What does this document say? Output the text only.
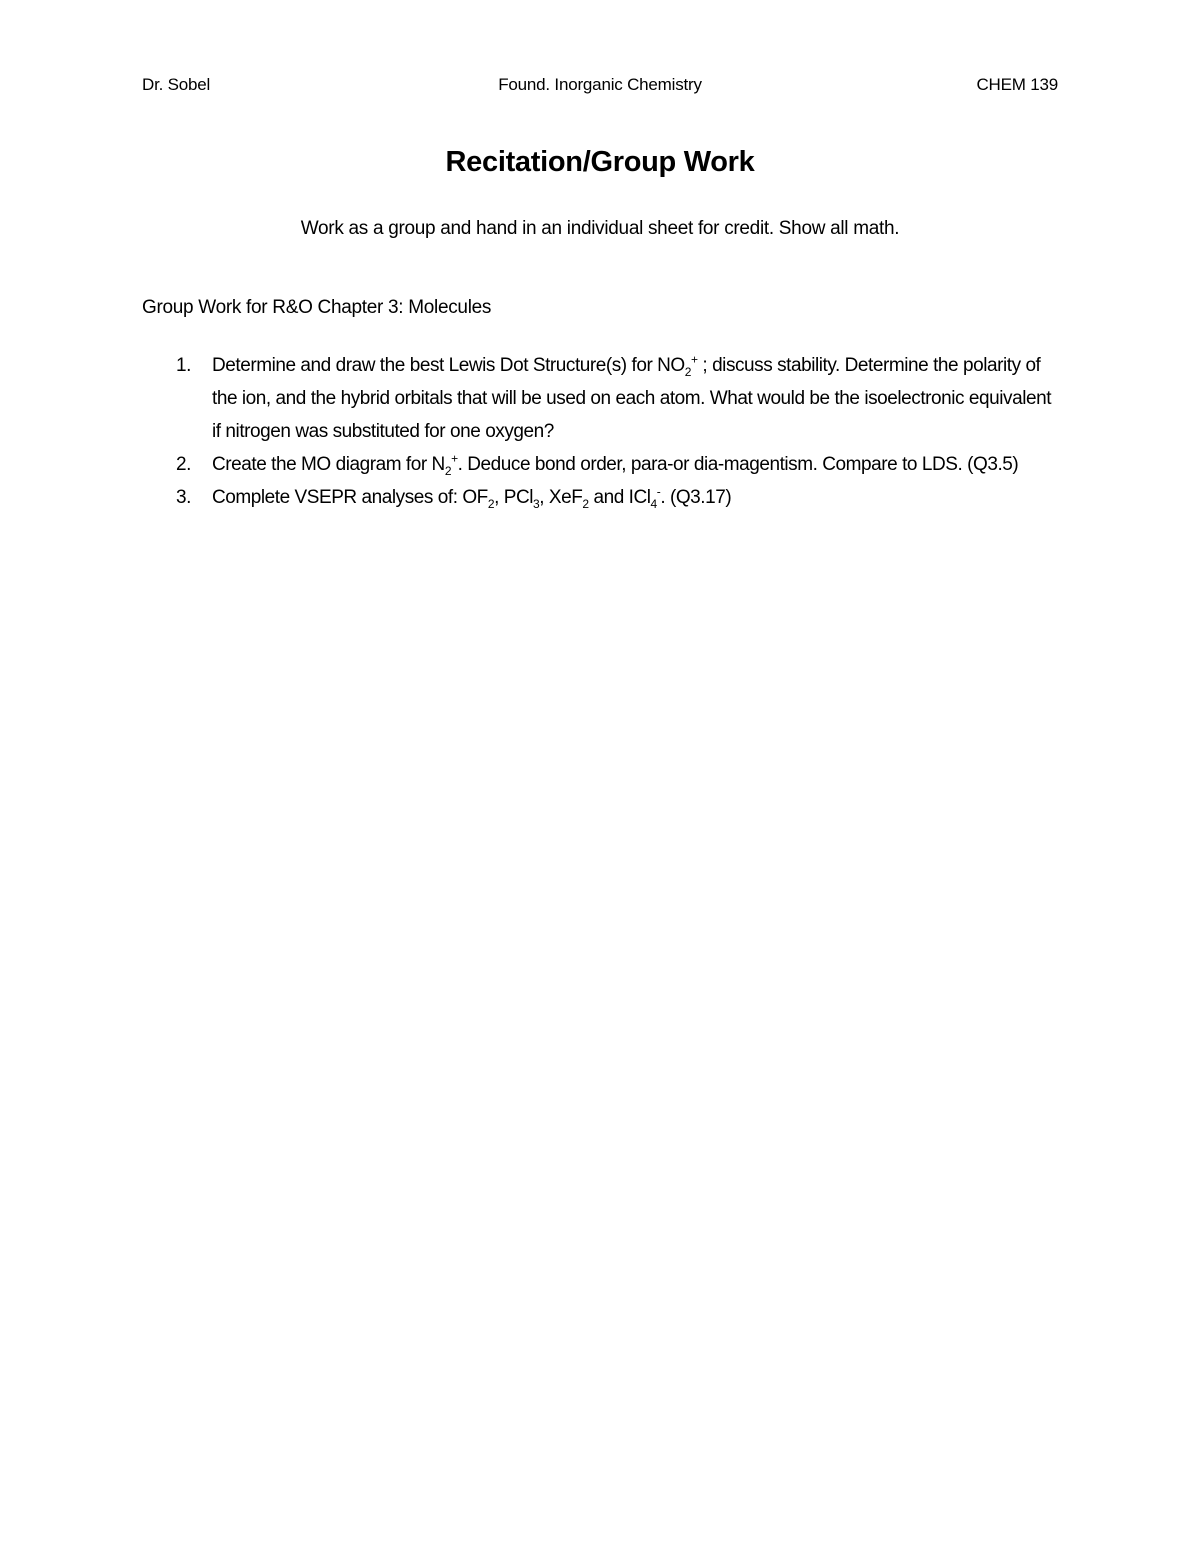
Dr. Sobel	Found. Inorganic Chemistry	CHEM 139
Recitation/Group Work
Work as a group and hand in an individual sheet for credit. Show all math.
Group Work for R&O Chapter 3: Molecules
1. Determine and draw the best Lewis Dot Structure(s) for $NO_2^+$ ; discuss stability. Determine the polarity of the ion, and the hybrid orbitals that will be used on each atom. What would be the isoelectronic equivalent if nitrogen was substituted for one oxygen?
2. Create the MO diagram for $N_2^+$. Deduce bond order, para-or dia-magentism. Compare to LDS. (Q3.5)
3. Complete VSEPR analyses of: $OF_2$, PCl$_3$, XeF$_2$ and ICl$_4$-. (Q3.17)
